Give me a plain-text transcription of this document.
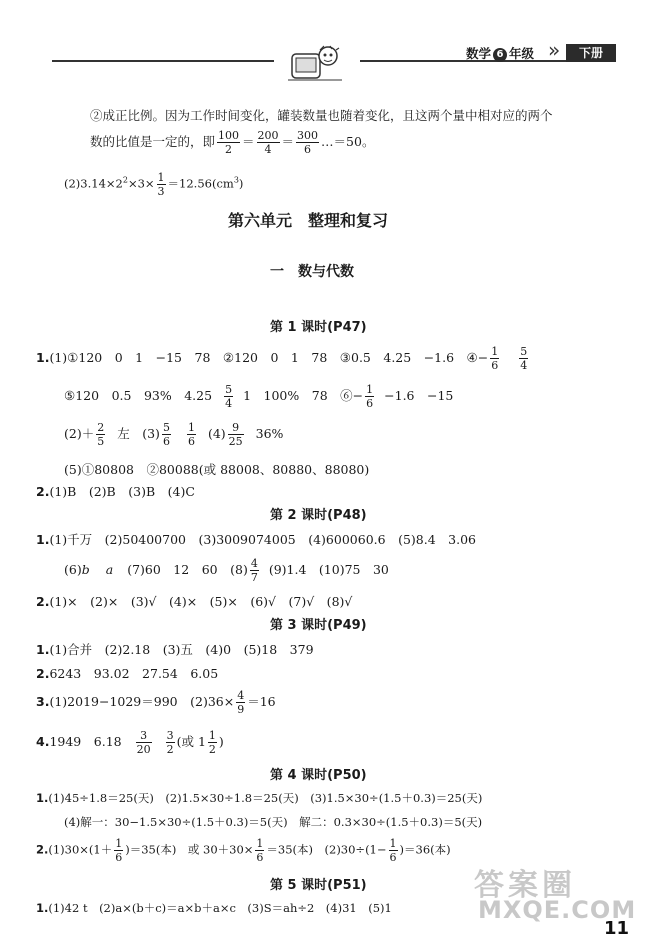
数学 6 年级 »	下册
②成正比例。因为工作时间变化，罐装数量也随着变化，且这两个量中相对应的两个
数的比值是一定的，即 $\frac{100}{2} = \frac{200}{4} = \frac{300}{6}$ …＝50。
$(2)3.14\times 2^2\times 3\times \frac{1}{3} =12.56(cm^3)$
第六单元　整理和复习
一　数与代数
第 1 课时(P47)
1.(1)①120　0　1　−15　78　②120　0　1　78　③0.5　4.25　−1.6　④− $\frac{1}{6} \frac{5}{4}$
⑤120　0.5　93%　$4.25 \frac{5}{4} 1$　100%　78　⑥− $\frac{1}{6} -1.6$　−15
$(2)+ \frac{2}{5}$ 左　$(3) \frac{5}{6} \frac{1}{6} (4) \frac{9}{25} 36\%$
(5)①80808　②80088(或 88008、80880、88080)
2.(1)B　(2)B　(3)B　(4)C
第 2 课时(P48)
1.(1)千万　(2)50400700　(3)3009074005　(4)600060.6　(5)8.4　3.06
(6)b a (7)60　12　60　$(8) \frac{4}{7} (9)1.4$　(10)75　30
2.(1)×　(2)×　(3)√　(4)×　(5)×　(6)√　(7)√　(8)√
第 3 课时(P49)
1.(1)合并　(2)2.18　(3)五　(4)0　(5)18　379
2.6243　93.02　27.54　6.05
3.(1)2019−1029＝990　$(2)36\times \frac{4}{9} =16$
4.1949　$6.18 \frac{3}{20} \frac{3}{2}$ (或 $1 \frac{1}{2}$ )
第 4 课时(P50)
1.(1)45÷1.8＝25(天)　(2)1.5×30÷1.8＝25(天)　(3)1.5×30÷(1.5＋0.3)＝25(天)
(4)解一：30−1.5×30÷(1.5＋0.3)＝5(天)　解二：0.3×30÷(1.5＋0.3)＝5(天)
$2.(1)30\times(1+ \frac{1}{6} )=35$(本)　或 $30+30\times \frac{1}{6} =35$(本)　$(2)30\div(1- \frac{1}{6} )=36$(本)
第 5 课时(P51)
1.(1)42 t　(2)a×(b＋c)＝a×b＋a×c　(3)S＝ah÷2　(4)31　(5)1
答案圈
MXQE.COM
11
